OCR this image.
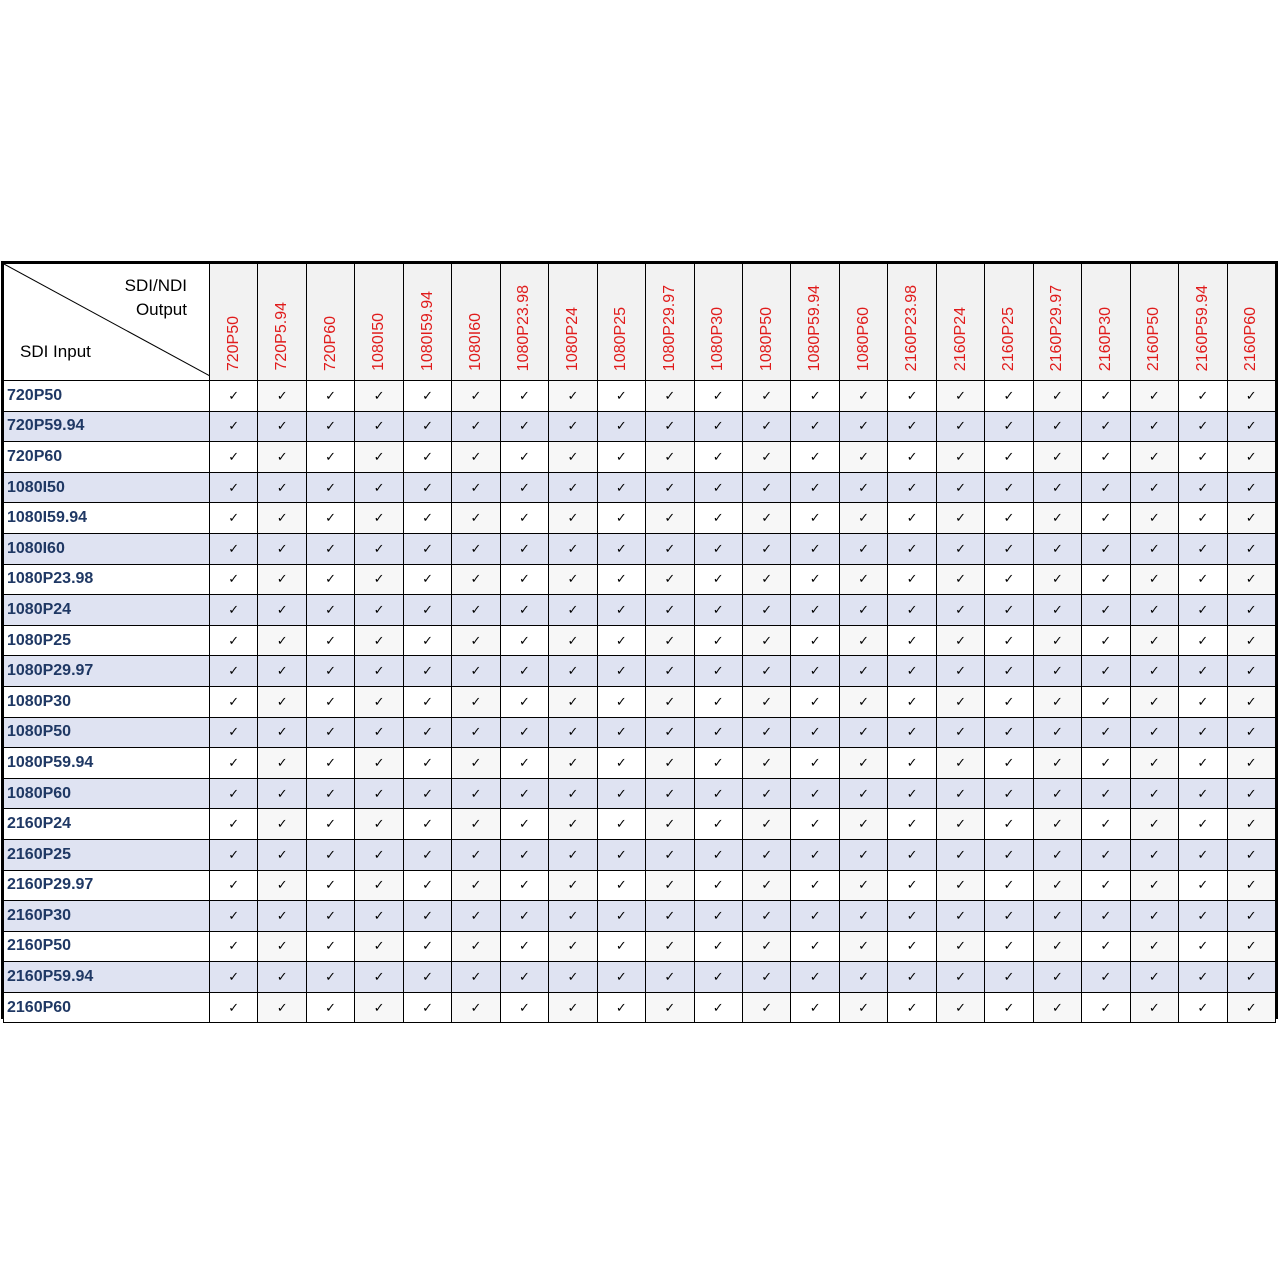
SDI/NDI
Output
SDI Input	720P50	720P5.94	720P60	1080I50	1080I59.94	1080I60	1080P23.98	1080P24	1080P25	1080P29.97	1080P30	1080P50	1080P59.94	1080P60	2160P23.98	2160P24	2160P25	2160P29.97	2160P30	2160P50	2160P59.94	2160P60
720P50	✓	✓	✓	✓	✓	✓	✓	✓	✓	✓	✓	✓	✓	✓	✓	✓	✓	✓	✓	✓	✓	✓
720P59.94	✓	✓	✓	✓	✓	✓	✓	✓	✓	✓	✓	✓	✓	✓	✓	✓	✓	✓	✓	✓	✓	✓
720P60	✓	✓	✓	✓	✓	✓	✓	✓	✓	✓	✓	✓	✓	✓	✓	✓	✓	✓	✓	✓	✓	✓
1080I50	✓	✓	✓	✓	✓	✓	✓	✓	✓	✓	✓	✓	✓	✓	✓	✓	✓	✓	✓	✓	✓	✓
1080I59.94	✓	✓	✓	✓	✓	✓	✓	✓	✓	✓	✓	✓	✓	✓	✓	✓	✓	✓	✓	✓	✓	✓
1080I60	✓	✓	✓	✓	✓	✓	✓	✓	✓	✓	✓	✓	✓	✓	✓	✓	✓	✓	✓	✓	✓	✓
1080P23.98	✓	✓	✓	✓	✓	✓	✓	✓	✓	✓	✓	✓	✓	✓	✓	✓	✓	✓	✓	✓	✓	✓
1080P24	✓	✓	✓	✓	✓	✓	✓	✓	✓	✓	✓	✓	✓	✓	✓	✓	✓	✓	✓	✓	✓	✓
1080P25	✓	✓	✓	✓	✓	✓	✓	✓	✓	✓	✓	✓	✓	✓	✓	✓	✓	✓	✓	✓	✓	✓
1080P29.97	✓	✓	✓	✓	✓	✓	✓	✓	✓	✓	✓	✓	✓	✓	✓	✓	✓	✓	✓	✓	✓	✓
1080P30	✓	✓	✓	✓	✓	✓	✓	✓	✓	✓	✓	✓	✓	✓	✓	✓	✓	✓	✓	✓	✓	✓
1080P50	✓	✓	✓	✓	✓	✓	✓	✓	✓	✓	✓	✓	✓	✓	✓	✓	✓	✓	✓	✓	✓	✓
1080P59.94	✓	✓	✓	✓	✓	✓	✓	✓	✓	✓	✓	✓	✓	✓	✓	✓	✓	✓	✓	✓	✓	✓
1080P60	✓	✓	✓	✓	✓	✓	✓	✓	✓	✓	✓	✓	✓	✓	✓	✓	✓	✓	✓	✓	✓	✓
2160P24	✓	✓	✓	✓	✓	✓	✓	✓	✓	✓	✓	✓	✓	✓	✓	✓	✓	✓	✓	✓	✓	✓
2160P25	✓	✓	✓	✓	✓	✓	✓	✓	✓	✓	✓	✓	✓	✓	✓	✓	✓	✓	✓	✓	✓	✓
2160P29.97	✓	✓	✓	✓	✓	✓	✓	✓	✓	✓	✓	✓	✓	✓	✓	✓	✓	✓	✓	✓	✓	✓
2160P30	✓	✓	✓	✓	✓	✓	✓	✓	✓	✓	✓	✓	✓	✓	✓	✓	✓	✓	✓	✓	✓	✓
2160P50	✓	✓	✓	✓	✓	✓	✓	✓	✓	✓	✓	✓	✓	✓	✓	✓	✓	✓	✓	✓	✓	✓
2160P59.94	✓	✓	✓	✓	✓	✓	✓	✓	✓	✓	✓	✓	✓	✓	✓	✓	✓	✓	✓	✓	✓	✓
2160P60	✓	✓	✓	✓	✓	✓	✓	✓	✓	✓	✓	✓	✓	✓	✓	✓	✓	✓	✓	✓	✓	✓
